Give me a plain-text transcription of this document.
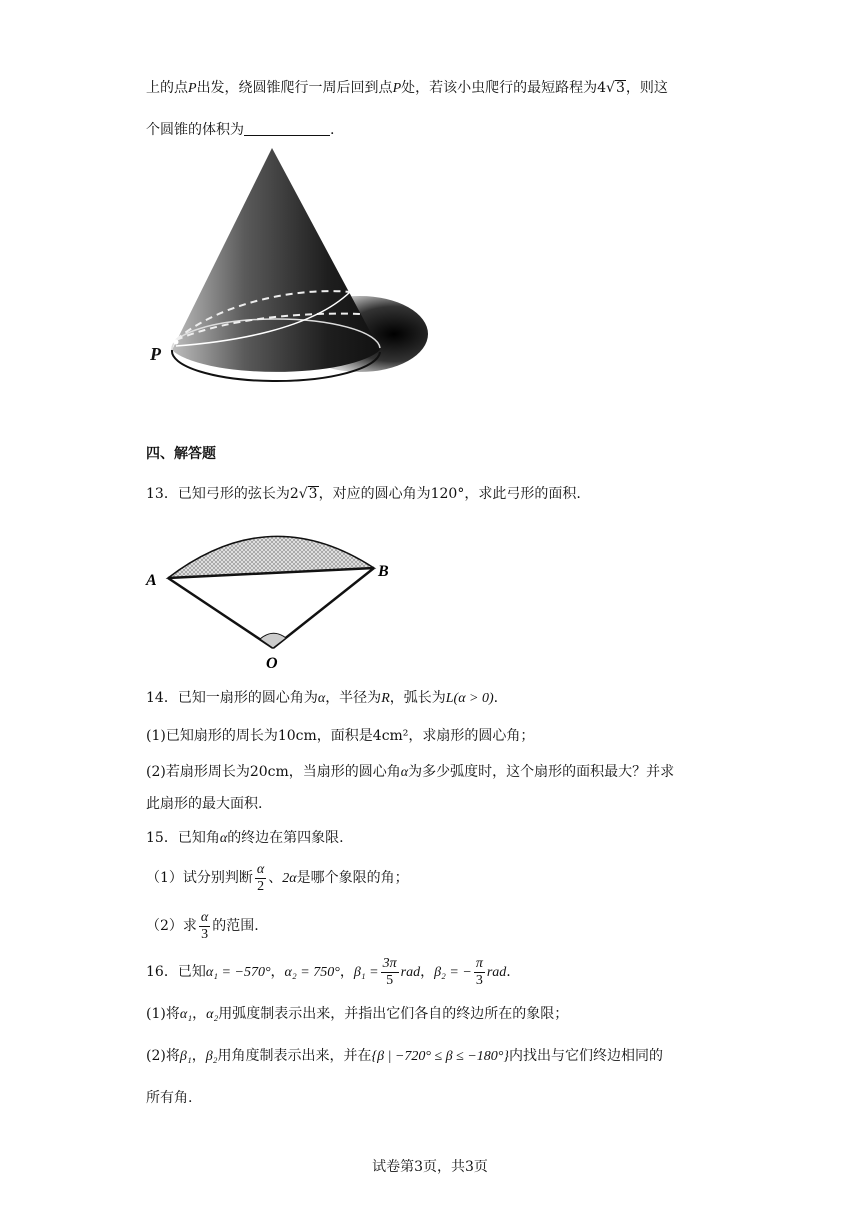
上的点P出发，绕圆锥爬行一周后回到点P处，若该小虫爬行的最短路程为4√3，则这
个圆锥的体积为	.
P
四、解答题
13．已知弓形的弦长为2√3，对应的圆心角为120°，求此弓形的面积.
A
B
O
14．已知一扇形的圆心角为α，半径为R，弧长为L(α > 0).
(1)已知扇形的周长为10cm，面积是4cm²，求扇形的圆心角；
(2)若扇形周长为20cm，当扇形的圆心角α为多少弧度时，这个扇形的面积最大？并求
此扇形的最大面积.
15．已知角α的终边在第四象限.
（1）试分别判断 $\frac{\alpha}{2}$ 、2α是哪个象限的角；
（2）求 $\frac{\alpha}{3}$ 的范围.
16．已知α₁ = −570°，α₂ = 750°，$\beta_1 = \frac{3\pi}{5}$ rad，β₂ = − $\frac{\pi}{3}$ rad.
(1)将α₁，α₂用弧度制表示出来，并指出它们各自的终边所在的象限；
(2)将β₁，β₂用角度制表示出来，并在{β | −720° ≤ β ≤ −180°}内找出与它们终边相同的
所有角.
试卷第3页，共3页
